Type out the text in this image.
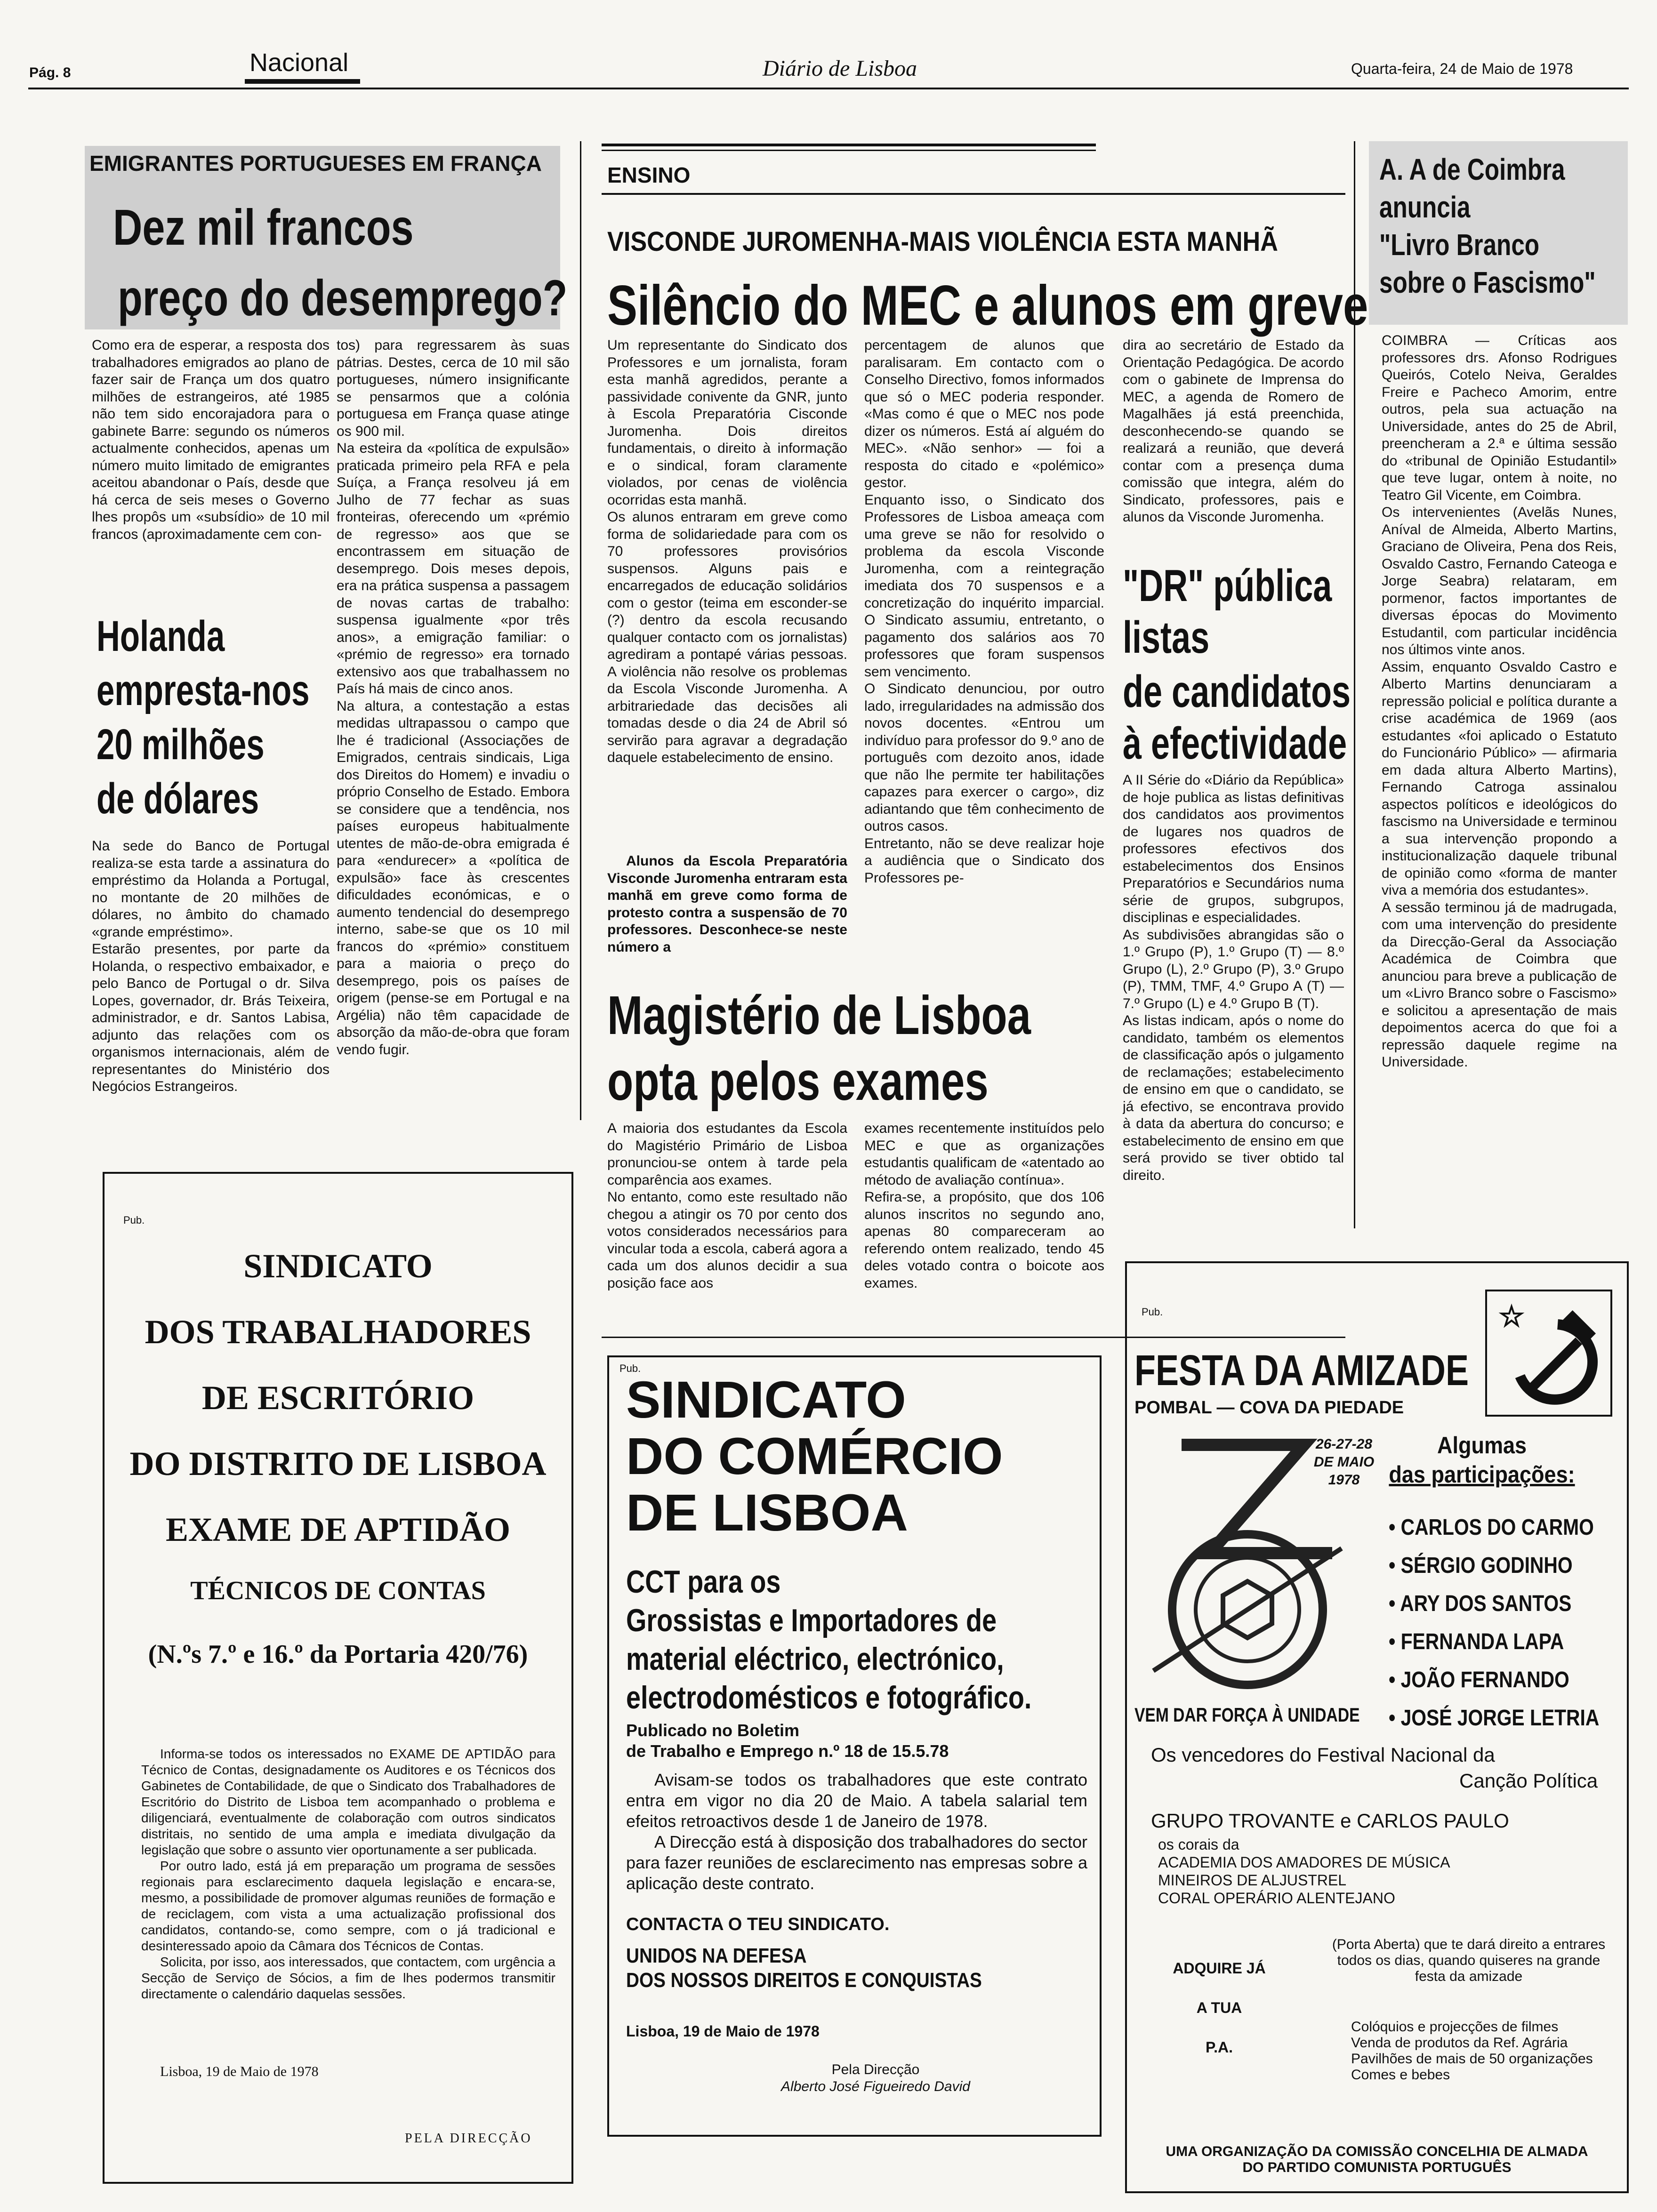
Pág. 8	Nacional	Diário de Lisboa	Quarta-feira, 24 de Maio de 1978
EMIGRANTES PORTUGUESES EM FRANÇA
Dez mil francos
preço do desemprego?
Como era de esperar, a resposta dos trabalhadores emigrados ao plano de fazer sair de França um dos quatro milhões de estrangeiros, até 1985 não tem sido encorajadora para o gabinete Barre: segundo os números actualmente conhecidos, apenas um número muito limitado de emigrantes aceitou abandonar o País, desde que há cerca de seis meses o Governo lhes propôs um «subsídio» de 10 mil francos (aproximadamente cem con-
tos) para regressarem às suas pátrias. Destes, cerca de 10 mil são portugueses, número insignificante se pensarmos que a colónia portuguesa em França quase atinge os 900 mil.
Na esteira da «política de expulsão» praticada primeiro pela RFA e pela Suíça, a França resolveu já em Julho de 77 fechar as suas fronteiras, oferecendo um «prémio de regresso» aos que se encontrassem em situação de desemprego. Dois meses depois, era na prática suspensa a passagem de novas cartas de trabalho: suspensa igualmente «por três anos», a emigração familiar: o «prémio de regresso» era tornado extensivo aos que trabalhassem no País há mais de cinco anos.
Na altura, a contestação a estas medidas ultrapassou o campo que lhe é tradicional (Associações de Emigrados, centrais sindicais, Liga dos Direitos do Homem) e invadiu o próprio Conselho de Estado. Embora se considere que a tendência, nos países europeus habitualmente utentes de mão-de-obra emigrada é para «endurecer» a «política de expulsão» face às crescentes dificuldades económicas, e o aumento tendencial do desemprego interno, sabe-se que os 10 mil francos do «prémio» constituem para a maioria o preço do desemprego, pois os países de origem (pense-se em Portugal e na Argélia) não têm capacidade de absorção da mão-de-obra que foram vendo fugir.
Holanda
empresta-nos
20 milhões
de dólares
Na sede do Banco de Portugal realiza-se esta tarde a assinatura do empréstimo da Holanda a Portugal, no montante de 20 milhões de dólares, no âmbito do chamado «grande empréstimo».
Estarão presentes, por parte da Holanda, o respectivo embaixador, e pelo Banco de Portugal o dr. Silva Lopes, governador, dr. Brás Teixeira, administrador, e dr. Santos Labisa, adjunto das relações com os organismos internacionais, além de representantes do Ministério dos Negócios Estrangeiros.
Pub.
SINDICATO
DOS TRABALHADORES
DE ESCRITÓRIO
DO DISTRITO DE LISBOA
EXAME DE APTIDÃO
TÉCNICOS DE CONTAS
(N.ºs 7.º e 16.º da Portaria 420/76)
Informa-se todos os interessados no EXAME DE APTIDÃO para Técnico de Contas, designadamente os Auditores e os Técnicos dos Gabinetes de Contabilidade, de que o Sindicato dos Trabalhadores de Escritório do Distrito de Lisboa tem acompanhado o problema e diligenciará, eventualmente de colaboração com outros sindicatos distritais, no sentido de uma ampla e imediata divulgação da legislação que sobre o assunto vier oportunamente a ser publicada.
Por outro lado, está já em preparação um programa de sessões regionais para esclarecimento daquela legislação e encara-se, mesmo, a possibilidade de promover algumas reuniões de formação e de reciclagem, com vista a uma actualização profissional dos candidatos, contando-se, como sempre, com o já tradicional e desinteressado apoio da Câmara dos Técnicos de Contas.
Solicita, por isso, aos interessados, que contactem, com urgência a Secção de Serviço de Sócios, a fim de lhes podermos transmitir directamente o calendário daquelas sessões.
Lisboa, 19 de Maio de 1978
PELA DIRECÇÃO
ENSINO
VISCONDE JUROMENHA-MAIS VIOLÊNCIA ESTA MANHÃ
Silêncio do MEC e alunos em greve
Um representante do Sindicato dos Professores e um jornalista, foram esta manhã agredidos, perante a passividade conivente da GNR, junto à Escola Preparatória Cisconde Juromenha. Dois direitos fundamentais, o direito à informação e o sindical, foram claramente violados, por cenas de violência ocorridas esta manhã.
Os alunos entraram em greve como forma de solidariedade para com os 70 professores provisórios suspensos. Alguns pais e encarregados de educação solidários com o gestor (teima em esconder-se (?) dentro da escola recusando qualquer contacto com os jornalistas) agrediram a pontapé várias pessoas. A violência não resolve os problemas da Escola Visconde Juromenha. A arbitrariedade das decisões ali tomadas desde o dia 24 de Abril só servirão para agravar a degradação daquele estabelecimento de ensino.
Alunos da Escola Preparatória Visconde Juromenha entraram esta manhã em greve como forma de protesto contra a suspensão de 70 professores. Desconhece-se neste número a
percentagem de alunos que paralisaram. Em contacto com o Conselho Directivo, fomos informados que só o MEC poderia responder. «Mas como é que o MEC nos pode dizer os números. Está aí alguém do MEC». «Não senhor» — foi a resposta do citado e «polémico» gestor.
Enquanto isso, o Sindicato dos Professores de Lisboa ameaça com uma greve se não for resolvido o problema da escola Visconde Juromenha, com a reintegração imediata dos 70 suspensos e a concretização do inquérito imparcial. O Sindicato assumiu, entretanto, o pagamento dos salários aos 70 professores que foram suspensos sem vencimento.
O Sindicato denunciou, por outro lado, irregularidades na admissão dos novos docentes. «Entrou um indivíduo para professor do 9.º ano de português com dezoito anos, idade que não lhe permite ter habilitações capazes para exercer o cargo», diz adiantando que têm conhecimento de outros casos.
Entretanto, não se deve realizar hoje a audiência que o Sindicato dos Professores pe-
dira ao secretário de Estado da Orientação Pedagógica. De acordo com o gabinete de Imprensa do MEC, a agenda de Romero de Magalhães já está preenchida, desconhecendo-se quando se realizará a reunião, que deverá contar com a presença duma comissão que integra, além do Sindicato, professores, pais e alunos da Visconde Juromenha.
"DR" pública
listas
de candidatos
à efectividade
A II Série do «Diário da República» de hoje publica as listas definitivas dos candidatos aos provimentos de lugares nos quadros de professores efectivos dos estabelecimentos dos Ensinos Preparatórios e Secundários numa série de grupos, subgrupos, disciplinas e especialidades.
As subdivisões abrangidas são o 1.º Grupo (P), 1.º Grupo (T) — 8.º Grupo (L), 2.º Grupo (P), 3.º Grupo (P), TMM, TMF, 4.º Grupo A (T) — 7.º Grupo (L) e 4.º Grupo B (T).
As listas indicam, após o nome do candidato, também os elementos de classificação após o julgamento de reclamações; estabelecimento de ensino em que o candidato, se já efectivo, se encontrava provido à data da abertura do concurso; e estabelecimento de ensino em que será provido se tiver obtido tal direito.
Magistério de Lisboa
opta pelos exames
A maioria dos estudantes da Escola do Magistério Primário de Lisboa pronunciou-se ontem à tarde pela comparência aos exames.
No entanto, como este resultado não chegou a atingir os 70 por cento dos votos considerados necessários para vincular toda a escola, caberá agora a cada um dos alunos decidir a sua posição face aos
exames recentemente instituídos pelo MEC e que as organizações estudantis qualificam de «atentado ao método de avaliação contínua».
Refira-se, a propósito, que dos 106 alunos inscritos no segundo ano, apenas 80 compareceram ao referendo ontem realizado, tendo 45 deles votado contra o boicote aos exames.
Pub.
SINDICATO
DO COMÉRCIO
DE LISBOA
CCT para os
Grossistas e Importadores de
material eléctrico, electrónico,
electrodomésticos e fotográfico.
Publicado no Boletim
de Trabalho e Emprego n.º 18 de 15.5.78
Avisam-se todos os trabalhadores que este contrato entra em vigor no dia 20 de Maio. A tabela salarial tem efeitos retroactivos desde 1 de Janeiro de 1978.
A Direcção está à disposição dos trabalhadores do sector para fazer reuniões de esclarecimento nas empresas sobre a aplicação deste contrato.
CONTACTA O TEU SINDICATO.
UNIDOS NA DEFESA
DOS NOSSOS DIREITOS E CONQUISTAS
Lisboa, 19 de Maio de 1978
Pela Direcção
Alberto José Figueiredo David
A. A de Coimbra
anuncia
"Livro Branco
sobre o Fascismo"
COIMBRA — Críticas aos professores drs. Afonso Rodrigues Queirós, Cotelo Neiva, Geraldes Freire e Pacheco Amorim, entre outros, pela sua actuação na Universidade, antes do 25 de Abril, preencheram a 2.ª e última sessão do «tribunal de Opinião Estudantil» que teve lugar, ontem à noite, no Teatro Gil Vicente, em Coimbra.
Os intervenientes (Avelãs Nunes, Aníval de Almeida, Alberto Martins, Graciano de Oliveira, Pena dos Reis, Osvaldo Castro, Fernando Cateoga e Jorge Seabra) relataram, em pormenor, factos importantes de diversas épocas do Movimento Estudantil, com particular incidência nos últimos vinte anos.
Assim, enquanto Osvaldo Castro e Alberto Martins denunciaram a repressão policial e política durante a crise académica de 1969 (aos estudantes «foi aplicado o Estatuto do Funcionário Público» — afirmaria em dada altura Alberto Martins), Fernando Catroga assinalou aspectos políticos e ideológicos do fascismo na Universidade e terminou a sua intervenção propondo a institucionalização daquele tribunal de opinião como «forma de manter viva a memória dos estudantes».
A sessão terminou já de madrugada, com uma intervenção do presidente da Direcção-Geral da Associação Académica de Coimbra que anunciou para breve a publicação de um «Livro Branco sobre o Fascismo» e solicitou a apresentação de mais depoimentos acerca do que foi a repressão daquele regime na Universidade.
Pub.
FESTA DA AMIZADE
POMBAL — COVA DA PIEDADE
26-27-28
DE MAIO
1978
Algumas
das participações:
• CARLOS DO CARMO
• SÉRGIO GODINHO
• ARY DOS SANTOS
• FERNANDA LAPA
• JOÃO FERNANDO
• JOSÉ JORGE LETRIA
VEM DAR FORÇA À UNIDADE
Os vencedores do Festival Nacional da
Canção Política
GRUPO TROVANTE e CARLOS PAULO
os corais da
ACADEMIA DOS AMADORES DE MÚSICA
MINEIROS DE ALJUSTREL
CORAL OPERÁRIO ALENTEJANO
ADQUIRE JÁ
A TUA
P.A.
(Porta Aberta) que te dará direito a entrares todos os dias, quando quiseres na grande festa da amizade
Colóquios e projecções de filmes
Venda de produtos da Ref. Agrária
Pavilhões de mais de 50 organizações
Comes e bebes
UMA ORGANIZAÇÃO DA COMISSÃO CONCELHIA DE ALMADA
DO PARTIDO COMUNISTA PORTUGUÊS
